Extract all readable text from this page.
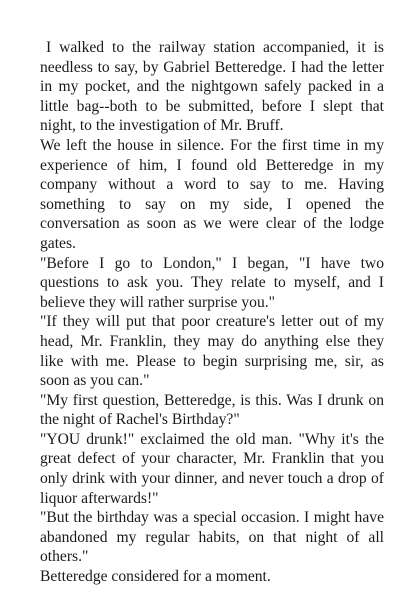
I walked to the railway station accompanied, it is needless to say, by Gabriel Betteredge. I had the letter in my pocket, and the nightgown safely packed in a little bag--both to be submitted, before I slept that night, to the investigation of Mr. Bruff.

We left the house in silence. For the first time in my experience of him, I found old Betteredge in my company without a word to say to me. Having something to say on my side, I opened the conversation as soon as we were clear of the lodge gates.

"Before I go to London," I began, "I have two questions to ask you. They relate to myself, and I believe they will rather surprise you."

"If they will put that poor creature's letter out of my head, Mr. Franklin, they may do anything else they like with me. Please to begin surprising me, sir, as soon as you can."

"My first question, Betteredge, is this. Was I drunk on the night of Rachel's Birthday?"

"YOU drunk!" exclaimed the old man. "Why it's the great defect of your character, Mr. Franklin that you only drink with your dinner, and never touch a drop of liquor afterwards!"

"But the birthday was a special occasion. I might have abandoned my regular habits, on that night of all others."

Betteredge considered for a moment.
